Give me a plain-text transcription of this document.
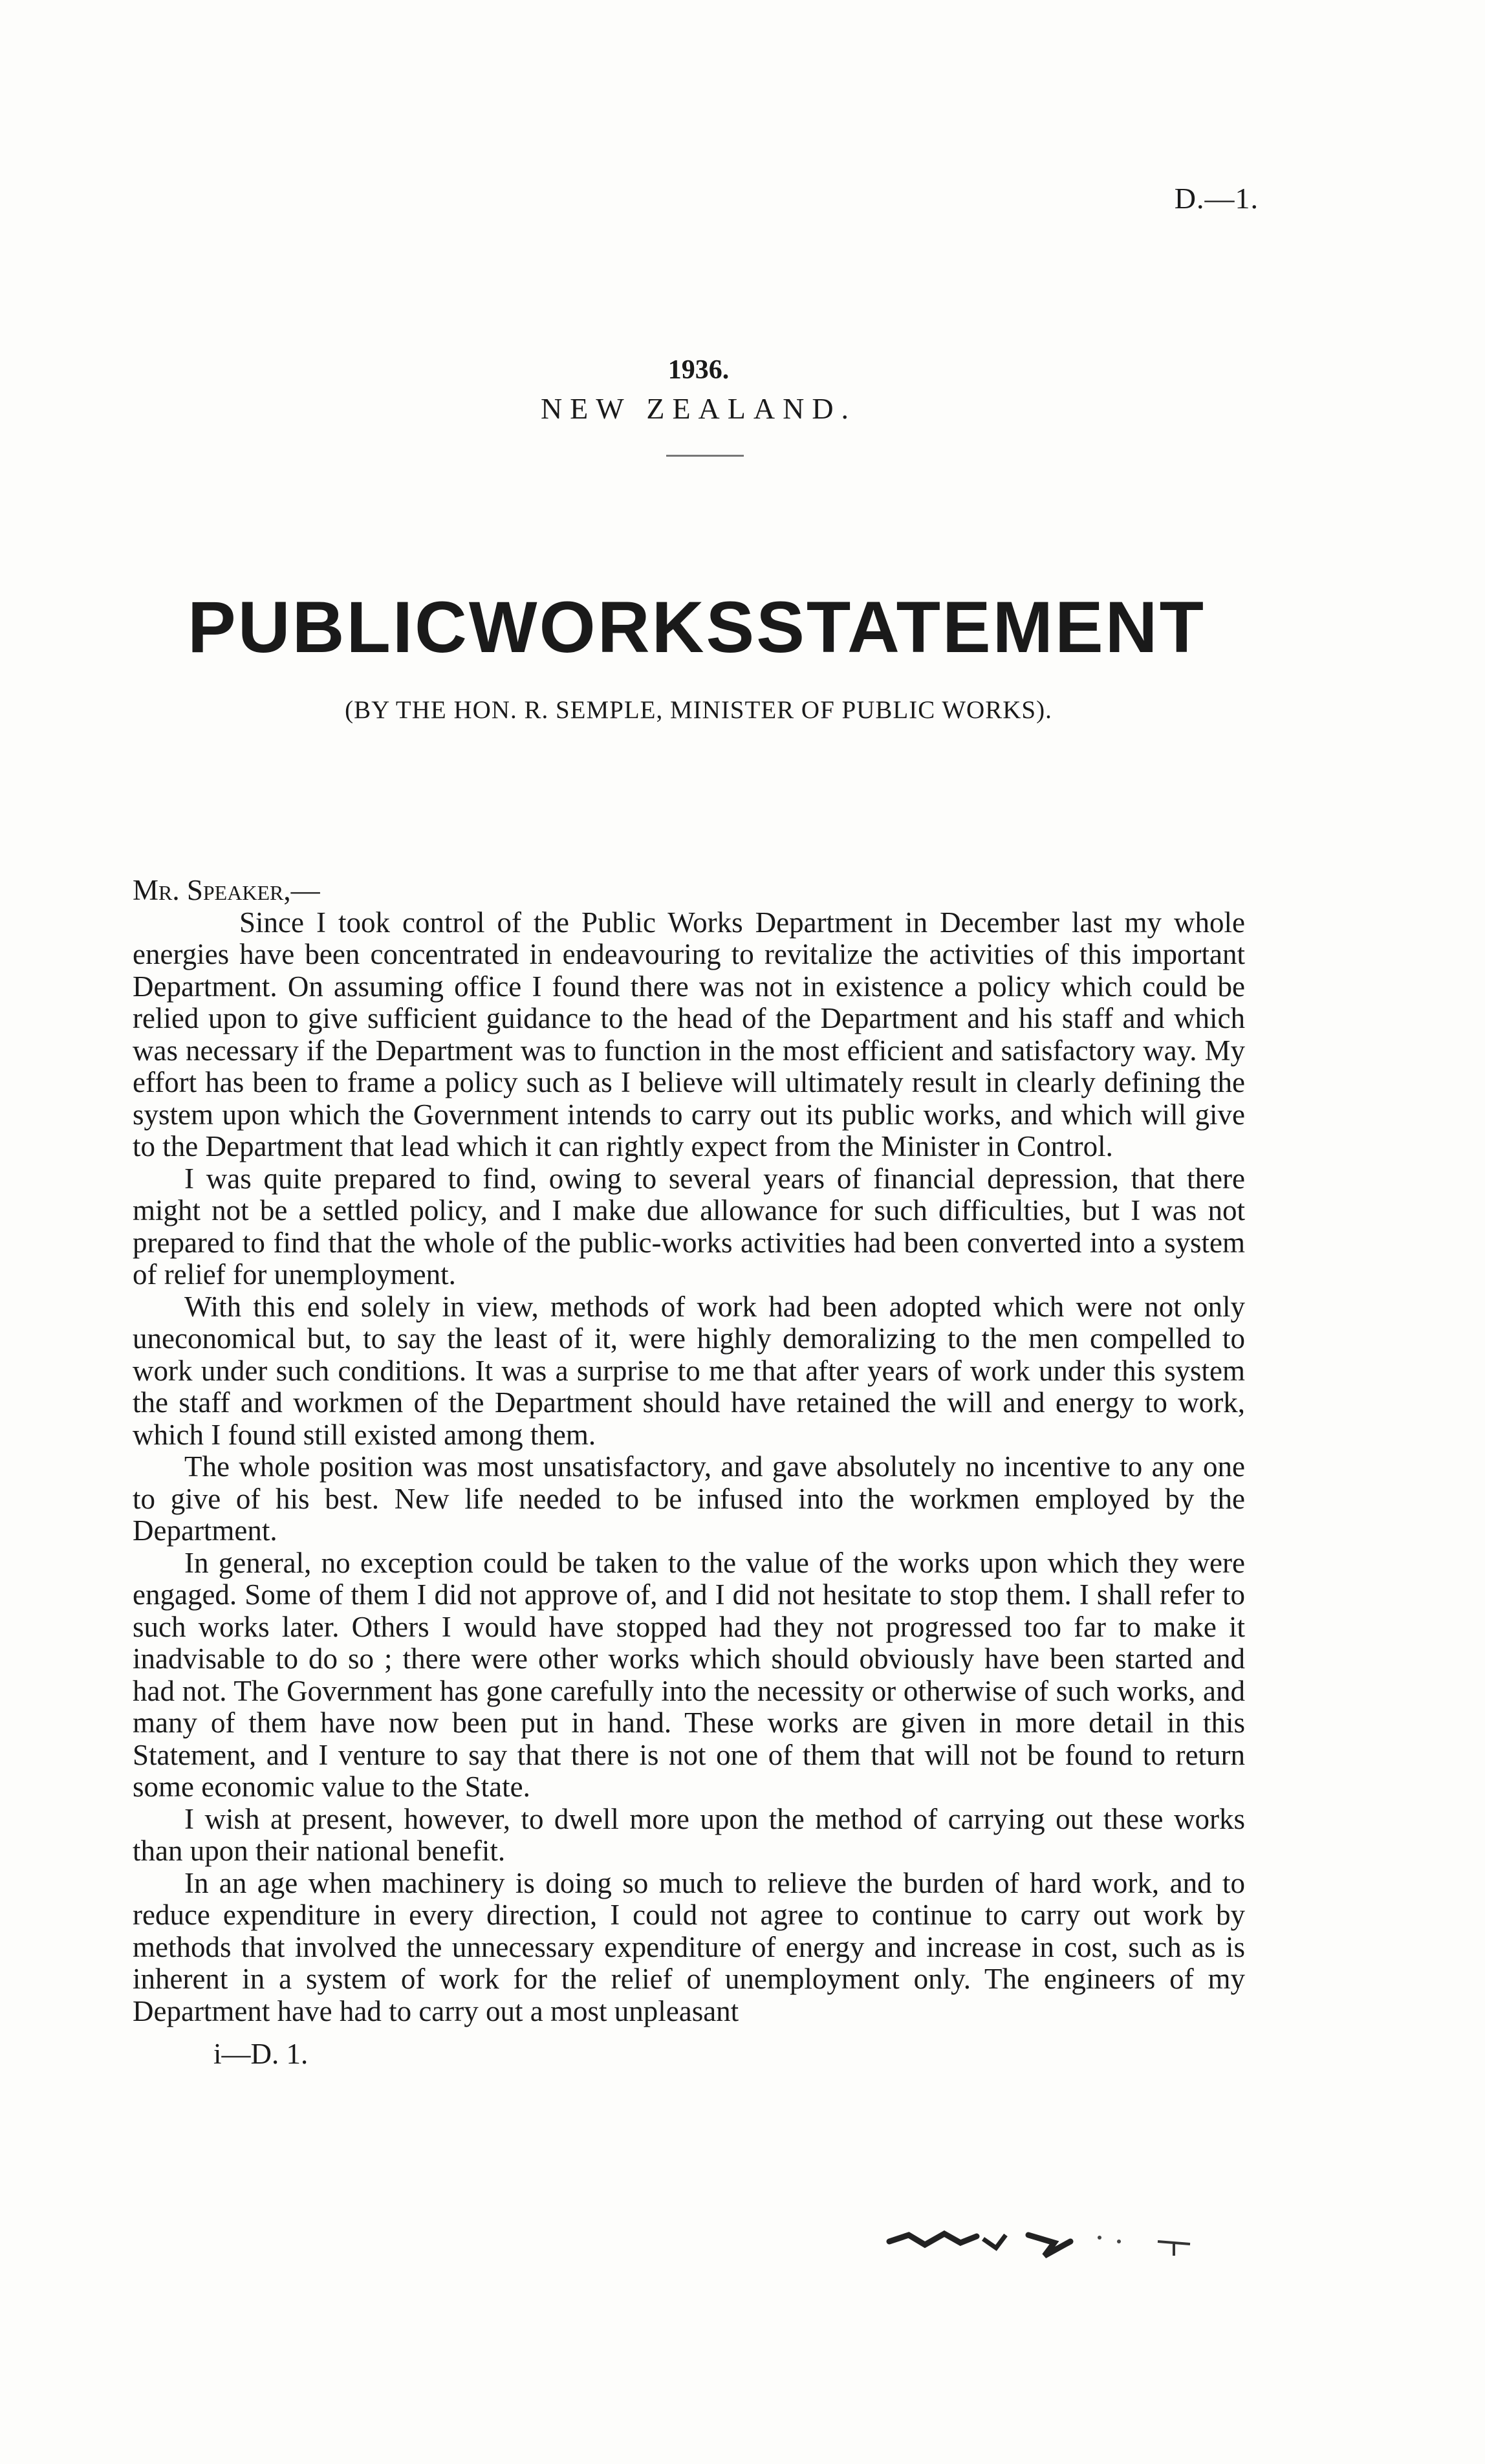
D.—1.
1936.
NEW ZEALAND.
PUBLIC WORKS STATEMENT
(BY THE HON. R. SEMPLE, MINISTER OF PUBLIC WORKS).
Mr. Speaker,—

Since I took control of the Public Works Department in December last my whole energies have been concentrated in endeavouring to revitalize the activities of this important Department. On assuming office I found there was not in existence a policy which could be relied upon to give sufficient guidance to the head of the Department and his staff and which was necessary if the Department was to function in the most efficient and satisfactory way. My effort has been to frame a policy such as I believe will ultimately result in clearly defining the system upon which the Government intends to carry out its public works, and which will give to the Department that lead which it can rightly expect from the Minister in Control.

I was quite prepared to find, owing to several years of financial depression, that there might not be a settled policy, and I make due allowance for such difficulties, but I was not prepared to find that the whole of the public-works activities had been converted into a system of relief for unemployment.

With this end solely in view, methods of work had been adopted which were not only uneconomical but, to say the least of it, were highly demoralizing to the men compelled to work under such conditions. It was a surprise to me that after years of work under this system the staff and workmen of the Department should have retained the will and energy to work, which I found still existed among them.

The whole position was most unsatisfactory, and gave absolutely no incentive to any one to give of his best. New life needed to be infused into the workmen employed by the Department.

In general, no exception could be taken to the value of the works upon which they were engaged. Some of them I did not approve of, and I did not hesitate to stop them. I shall refer to such works later. Others I would have stopped had they not progressed too far to make it inadvisable to do so ; there were other works which should obviously have been started and had not. The Government has gone carefully into the necessity or otherwise of such works, and many of them have now been put in hand. These works are given in more detail in this Statement, and I venture to say that there is not one of them that will not be found to return some economic value to the State.

I wish at present, however, to dwell more upon the method of carrying out these works than upon their national benefit.

In an age when machinery is doing so much to relieve the burden of hard work, and to reduce expenditure in every direction, I could not agree to continue to carry out work by methods that involved the unnecessary expenditure of energy and increase in cost, such as is inherent in a system of work for the relief of unemployment only. The engineers of my Department have had to carry out a most unpleasant

i—D. 1.
